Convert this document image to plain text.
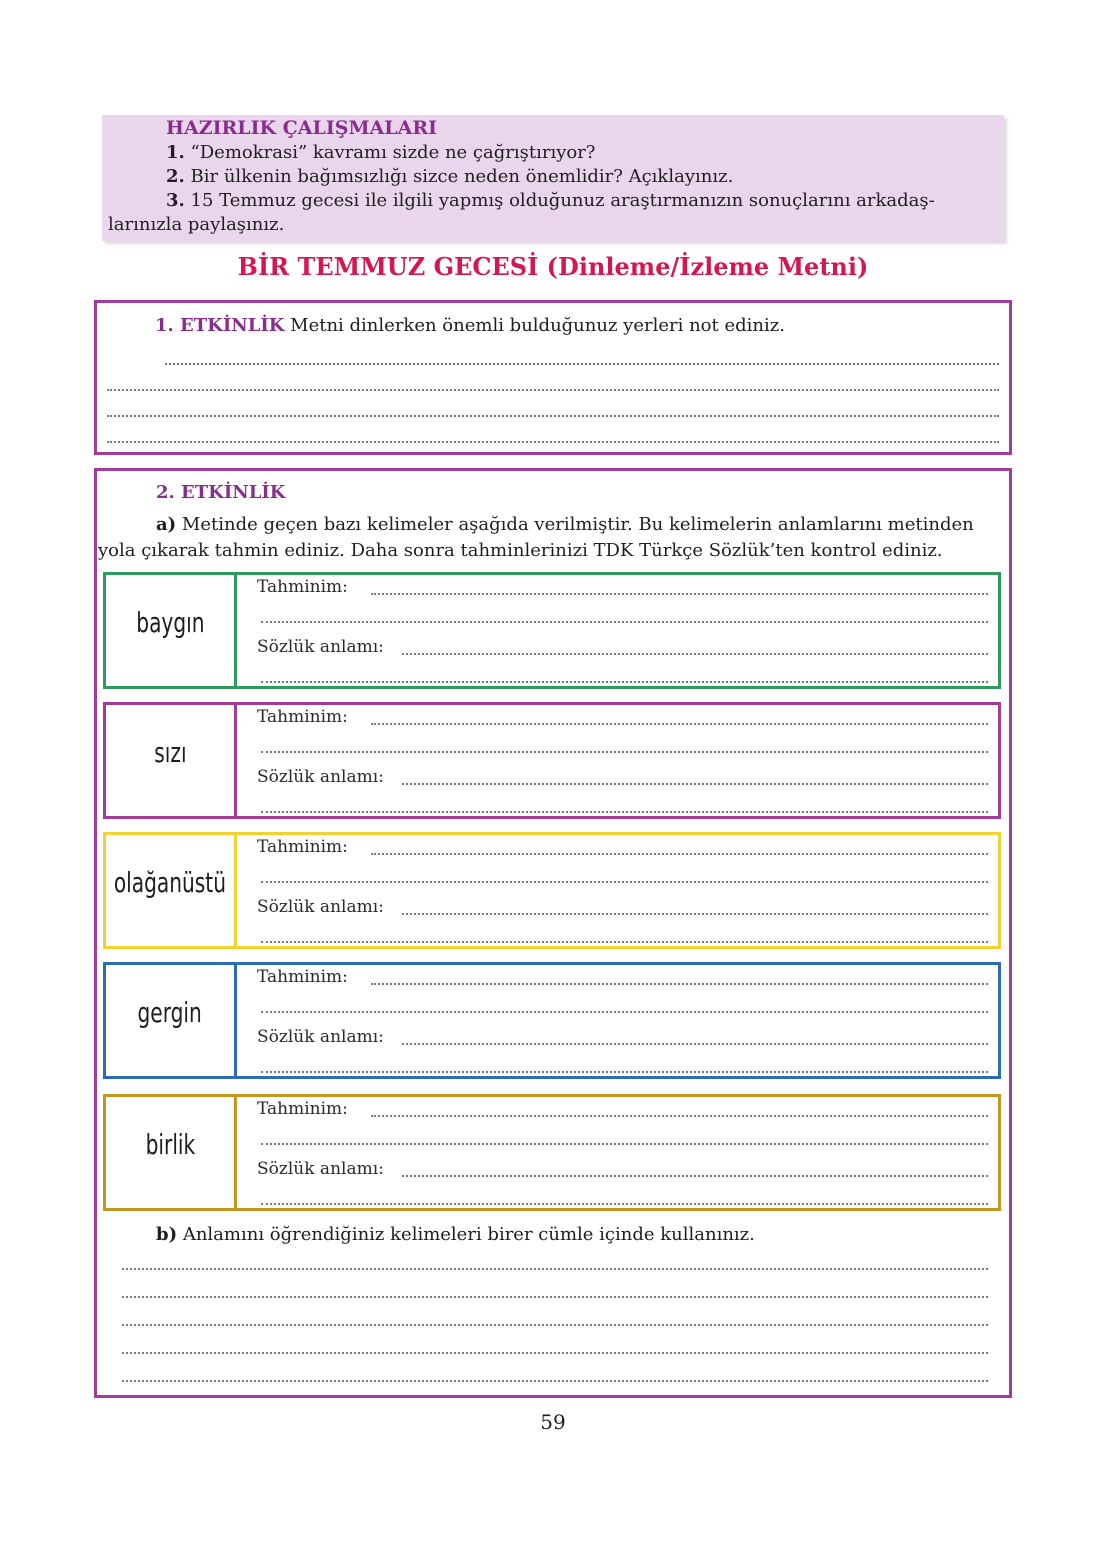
HAZIRLIK ÇALIŞMALARI
1. “Demokrasi” kavramı sizde ne çağrıştırıyor?
2. Bir ülkenin bağımsızlığı sizce neden önemlidir? Açıklayınız.
3. 15 Temmuz gecesi ile ilgili yapmış olduğunuz araştırmanızın sonuçlarını arkadaş-
larınızla paylaşınız.
BİR TEMMUZ GECESİ (Dinleme/İzleme Metni)
1. ETKİNLİK Metni dinlerken önemli bulduğunuz yerleri not ediniz.
2. ETKİNLİK
a) Metinde geçen bazı kelimeler aşağıda verilmiştir. Bu kelimelerin anlamlarını metinden
yola çıkarak tahmin ediniz. Daha sonra tahminlerinizi TDK Türkçe Sözlük’ten kontrol ediniz.
baygın
Tahminim:
Sözlük anlamı:
sızı
Tahminim:
Sözlük anlamı:
olağanüstü
Tahminim:
Sözlük anlamı:
gergin
Tahminim:
Sözlük anlamı:
birlik
Tahminim:
Sözlük anlamı:
b) Anlamını öğrendiğiniz kelimeleri birer cümle içinde kullanınız.
59
